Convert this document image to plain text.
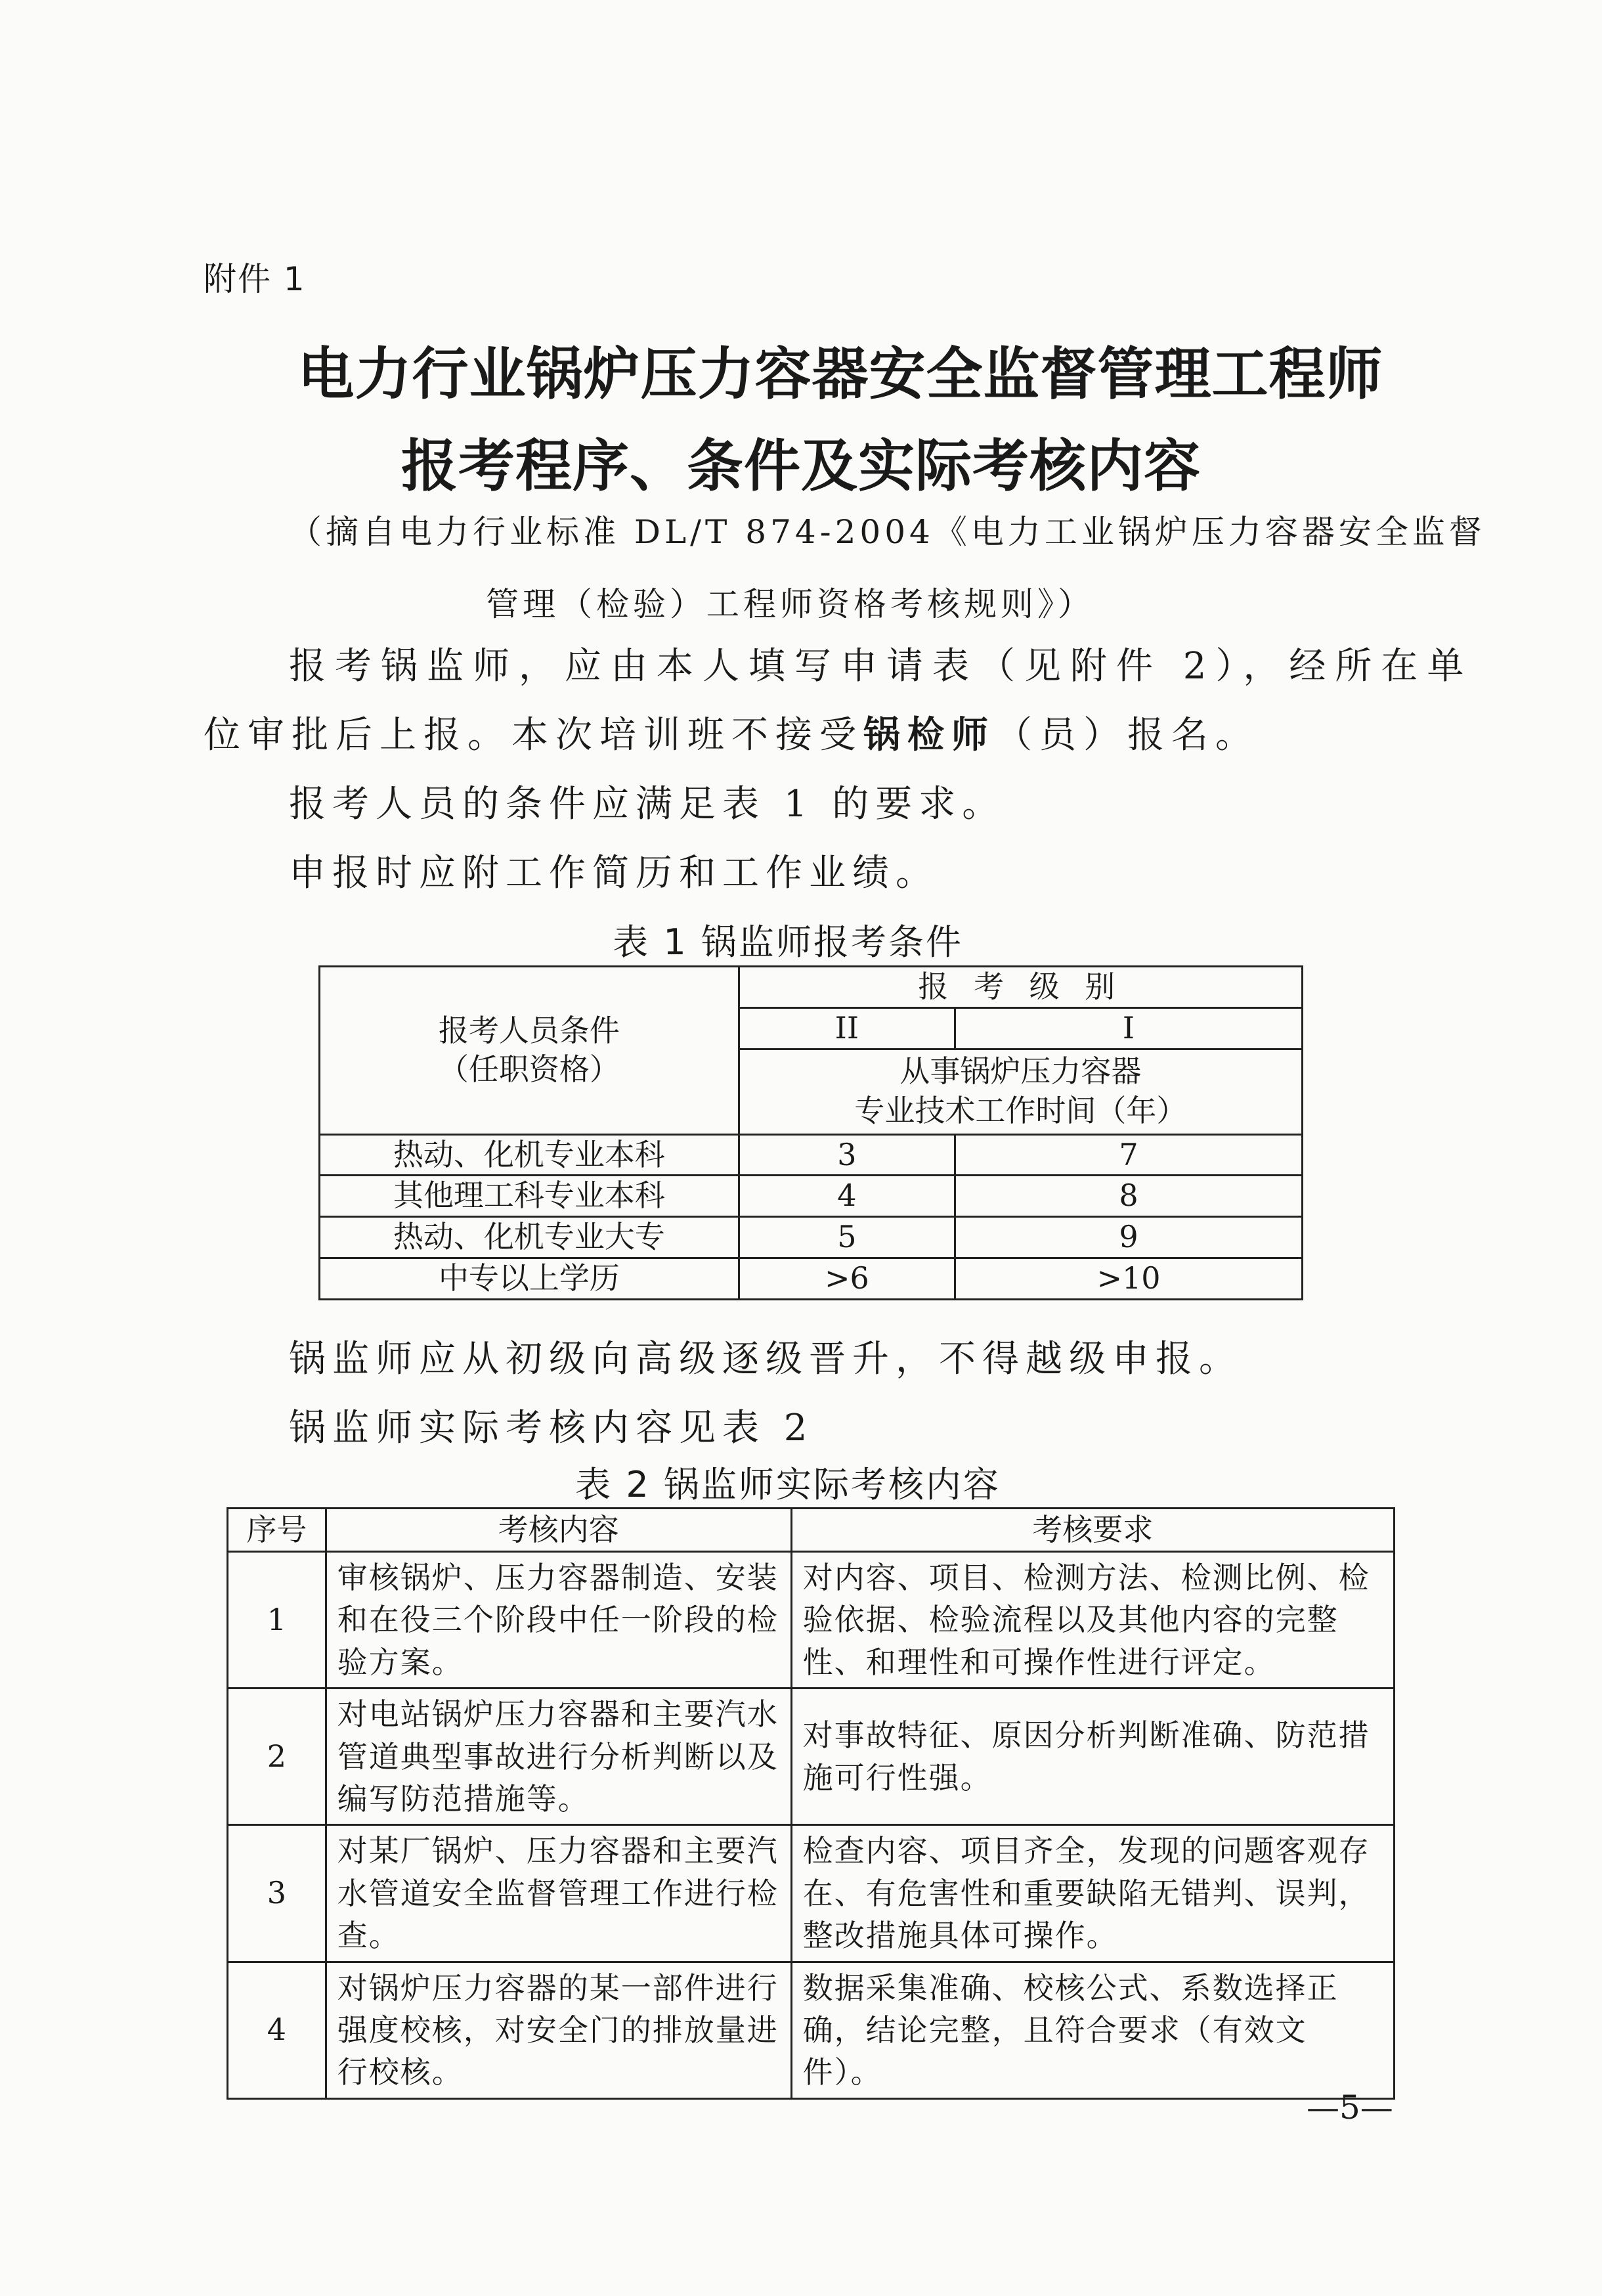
附件 1
电力行业锅炉压力容器安全监督管理工程师
报考程序、条件及实际考核内容
（摘自电力行业标准 DL/T 874-2004《电力工业锅炉压力容器安全监督
管理（检验）工程师资格考核规则》）
报考锅监师，应由本人填写申请表（见附件 2），经所在单
位审批后上报。本次培训班不接受锅检师（员）报名。
报考人员的条件应满足表 1 的要求。
申报时应附工作简历和工作业绩。
表 1 锅监师报考条件
报考人员条件
（任职资格）	报 考 级 别	
	II	I

	从事锅炉压力容器
专业技术工作时间（年）	

热动、化机专业本科	3	7
其他理工科专业本科	4	8
热动、化机专业大专	5	9
中专以上学历	>6	>10
锅监师应从初级向高级逐级晋升，不得越级申报。
锅监师实际考核内容见表 2
表 2 锅监师实际考核内容
序号	考核内容	考核要求
1	审核锅炉、压力容器制造、安装和在役三个阶段中任一阶段的检验方案。	对内容、项目、检测方法、检测比例、检验依据、检验流程以及其他内容的完整性、和理性和可操作性进行评定。
2	对电站锅炉压力容器和主要汽水管道典型事故进行分析判断以及编写防范措施等。	对事故特征、原因分析判断准确、防范措施可行性强。
3	对某厂锅炉、压力容器和主要汽水管道安全监督管理工作进行检查。	检查内容、项目齐全，发现的问题客观存在、有危害性和重要缺陷无错判、误判，整改措施具体可操作。
4	对锅炉压力容器的某一部件进行强度校核，对安全门的排放量进行校核。	数据采集准确、校核公式、系数选择正确，结论完整，且符合要求（有效文件）。
—5—
